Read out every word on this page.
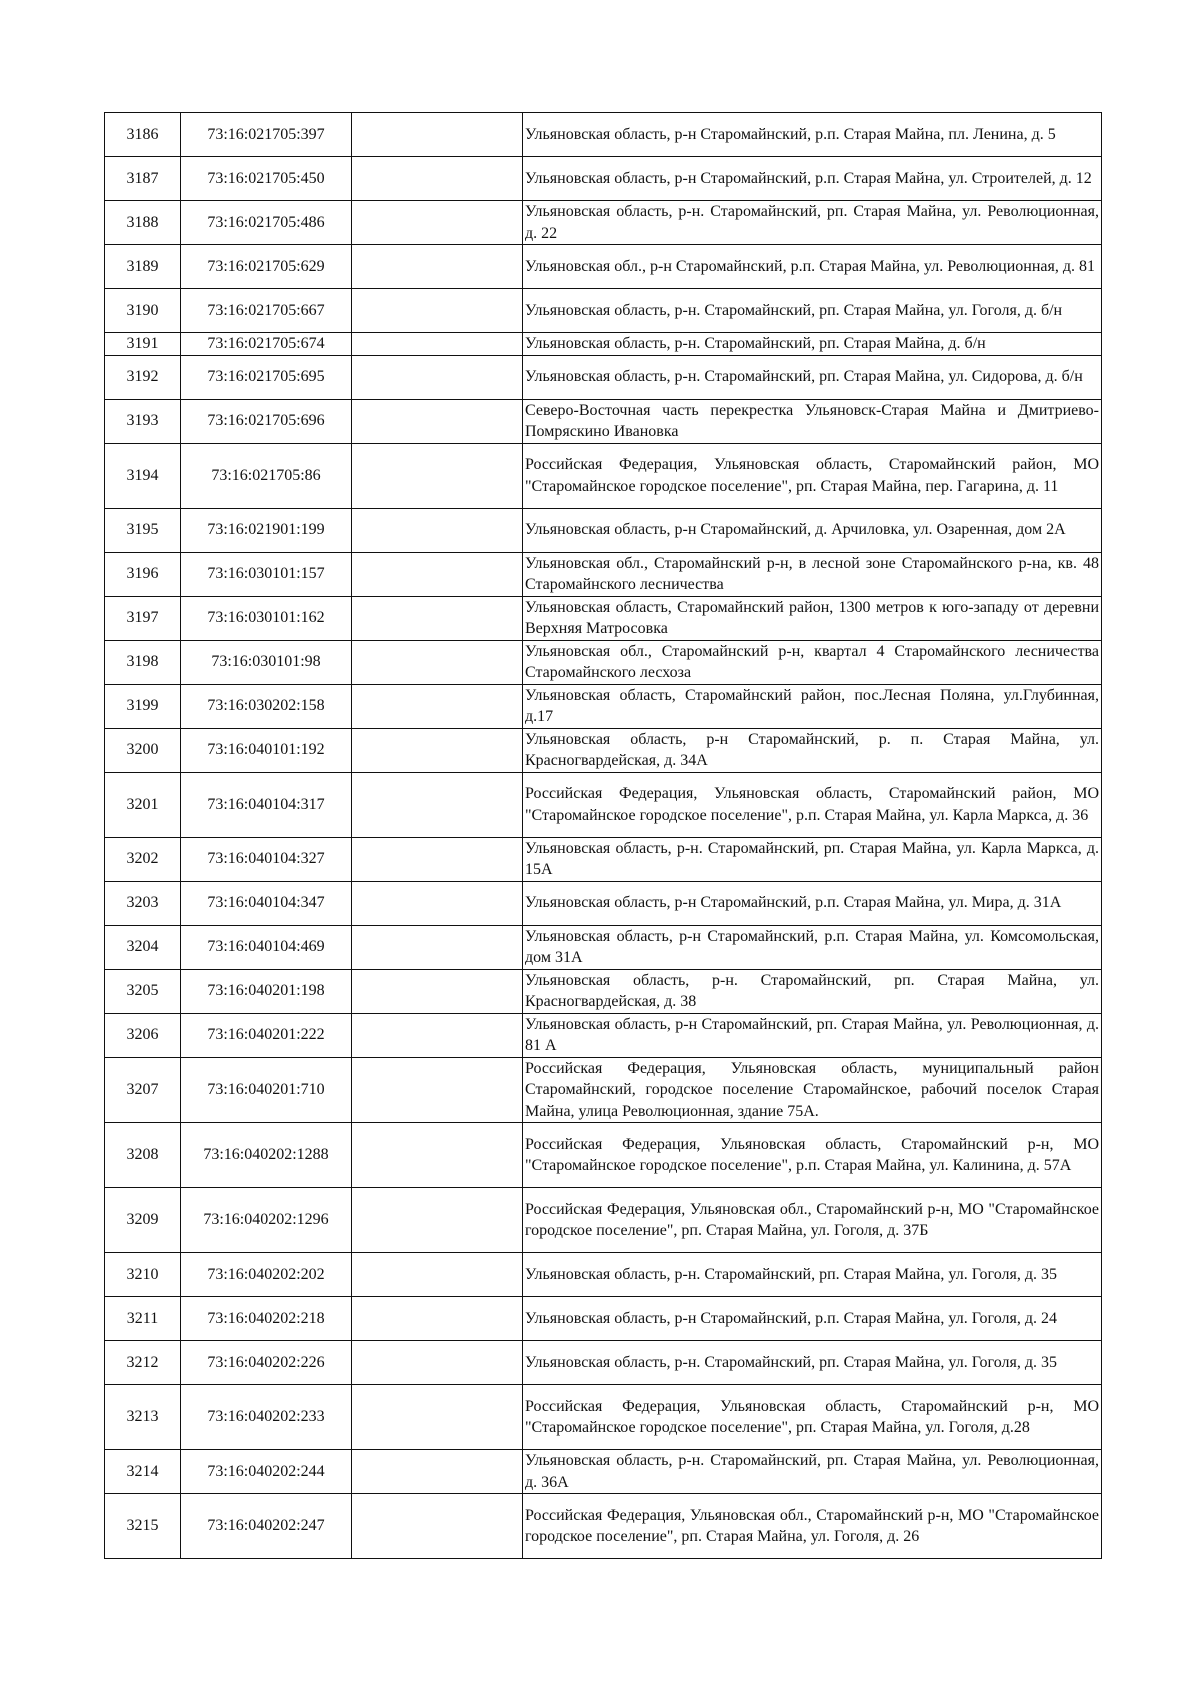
3186	73:16:021705:397		Ульяновская область, р-н Старомайнский, р.п. Старая Майна, пл. Ленина, д. 5
3187	73:16:021705:450		Ульяновская область, р-н Старомайнский, р.п. Старая Майна, ул. Строителей, д. 12
3188	73:16:021705:486		Ульяновская область, р-н. Старомайнский, рп. Старая Майна, ул. Революционная, д. 22
3189	73:16:021705:629		Ульяновская обл., р-н Старомайнский, р.п. Старая Майна, ул. Революционная, д. 81
3190	73:16:021705:667		Ульяновская область, р-н. Старомайнский, рп. Старая Майна, ул. Гоголя, д. б/н
3191	73:16:021705:674		Ульяновская область, р-н. Старомайнский, рп. Старая Майна, д. б/н
3192	73:16:021705:695		Ульяновская область, р-н. Старомайнский, рп. Старая Майна, ул. Сидорова, д. б/н
3193	73:16:021705:696		Северо-Восточная часть перекрестка Ульяновск-Старая Майна и Дмитриево-Помряскино Ивановка
3194	73:16:021705:86		Российская Федерация, Ульяновская область, Старомайнский район, МО "Старомайнское городское поселение", рп. Старая Майна, пер. Гагарина, д. 11
3195	73:16:021901:199		Ульяновская область, р-н Старомайнский, д. Арчиловка, ул. Озаренная, дом 2А
3196	73:16:030101:157		Ульяновская обл., Старомайнский р-н, в лесной зоне Старомайнского р-на, кв. 48 Старомайнского лесничества
3197	73:16:030101:162		Ульяновская область, Старомайнский район, 1300 метров к юго-западу от деревни Верхняя Матросовка
3198	73:16:030101:98		Ульяновская обл., Старомайнский р-н, квартал 4 Старомайнского лесничества Старомайнского лесхоза
3199	73:16:030202:158		Ульяновская область, Старомайнский район, пос.Лесная Поляна, ул.Глубинная, д.17
3200	73:16:040101:192		Ульяновская область, р-н Старомайнский, р. п. Старая Майна, ул. Красногвардейская, д. 34А
3201	73:16:040104:317		Российская Федерация, Ульяновская область, Старомайнский район, МО "Старомайнское городское поселение", р.п. Старая Майна, ул. Карла Маркса, д. 36
3202	73:16:040104:327		Ульяновская область, р-н. Старомайнский, рп. Старая Майна, ул. Карла Маркса, д. 15А
3203	73:16:040104:347		Ульяновская область, р-н Старомайнский, р.п. Старая Майна, ул. Мира, д. 31А
3204	73:16:040104:469		Ульяновская область, р-н Старомайнский, р.п. Старая Майна, ул. Комсомольская, дом 31А
3205	73:16:040201:198		Ульяновская область, р-н. Старомайнский, рп. Старая Майна, ул. Красногвардейская, д. 38
3206	73:16:040201:222		Ульяновская область, р-н Старомайнский, рп. Старая Майна, ул. Революционная, д. 81 А
3207	73:16:040201:710		Российская Федерация, Ульяновская область, муниципальный район Старомайнский, городское поселение Старомайнское, рабочий поселок Старая Майна, улица Революционная, здание 75А.
3208	73:16:040202:1288		Российская Федерация, Ульяновская область, Старомайнский р-н, МО "Старомайнское городское поселение", р.п. Старая Майна, ул. Калинина, д. 57А
3209	73:16:040202:1296		Российская Федерация, Ульяновская обл., Старомайнский р-н, МО "Старомайнское городское поселение", рп. Старая Майна, ул. Гоголя, д. 37Б
3210	73:16:040202:202		Ульяновская область, р-н. Старомайнский, рп. Старая Майна, ул. Гоголя, д. 35
3211	73:16:040202:218		Ульяновская область, р-н Старомайнский, р.п. Старая Майна, ул. Гоголя, д. 24
3212	73:16:040202:226		Ульяновская область, р-н. Старомайнский, рп. Старая Майна, ул. Гоголя, д. 35
3213	73:16:040202:233		Российская Федерация, Ульяновская область, Старомайнский р-н, МО "Старомайнское городское поселение", рп. Старая Майна, ул. Гоголя, д.28
3214	73:16:040202:244		Ульяновская область, р-н. Старомайнский, рп. Старая Майна, ул. Революционная, д. 36А
3215	73:16:040202:247		Российская Федерация, Ульяновская обл., Старомайнский р-н, МО "Старомайнское городское поселение", рп. Старая Майна, ул. Гоголя, д. 26
